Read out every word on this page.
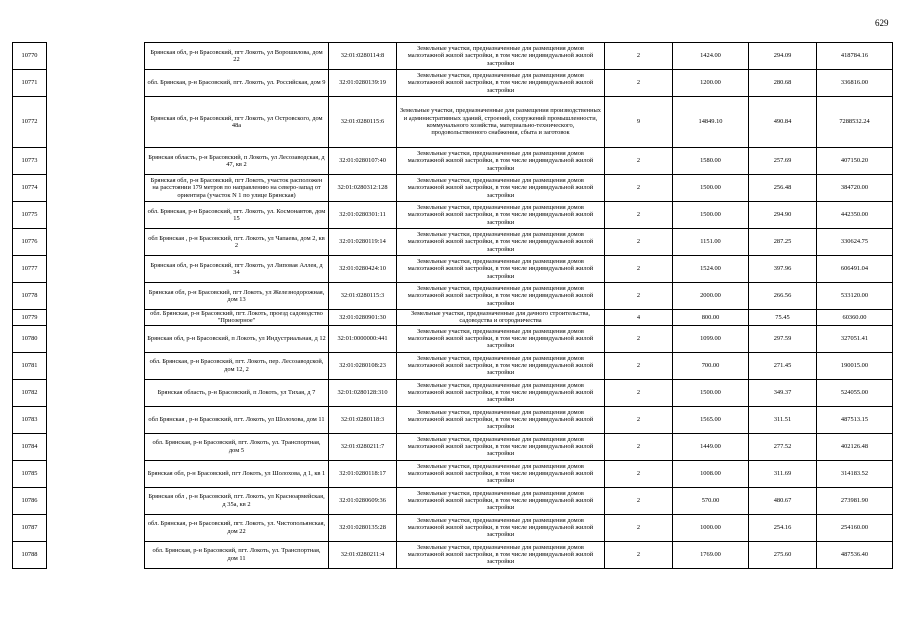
629
10770		Брянская обл, р-н Брасовский, пгт Локоть, ул Ворошилова, дом 22	32:01:0280114:8	Земельные участки, предназначенные для размещения домов малоэтажной жилой застройки, в том числе индивидуальной жилой застройки	2	1424.00	294.09	418784.16
10771		обл. Брянская, р-н Брасовский, пгт. Локоть, ул. Российская, дом 9	32:01:0280139:19	Земельные участки, предназначенные для размещения домов малоэтажной жилой застройки, в том числе индивидуальной жилой застройки	2	1200.00	280.68	336816.00
10772		Брянская обл, р-н Брасовский, пгт Локоть, ул Островского, дом 48а	32:01:0280115:6	Земельные участки, предназначенные для размещения производственных и административных зданий, строений, сооружений промышленности, коммунального хозяйства, материально-технического, продовольственного снабжения, сбыта и заготовок	9	14849.10	490.84	7288532.24
10773		Брянская область, р-н Брасовский, п Локоть, ул Лесозаводская, д 47, кв 2	32:01:0280107:40	Земельные участки, предназначенные для размещения домов малоэтажной жилой застройки, в том числе индивидуальной жилой застройки	2	1580.00	257.69	407150.20
10774		Брянская обл, р-н Брасовский, пгт Локоть, участок расположен на расстоянии 179 метров по направлению на северо-запад от ориентира (участок N 1 по улице Брянская)	32:01:0280312:128	Земельные участки, предназначенные для размещения домов малоэтажной жилой застройки, в том числе индивидуальной жилой застройки	2	1500.00	256.48	384720.00
10775		обл. Брянская, р-н Брасовский, пгт. Локоть, ул. Космонавтов, дом 15	32:01:0280301:11	Земельные участки, предназначенные для размещения домов малоэтажной жилой застройки, в том числе индивидуальной жилой застройки	2	1500.00	294.90	442350.00
10776		обл Брянская , р-н Брасовский, пгт. Локоть, ул Чапаева, дом 2, кв 2	32:01:0280119:14	Земельные участки, предназначенные для размещения домов малоэтажной жилой застройки, в том числе индивидуальной жилой застройки	2	1151.00	287.25	330624.75
10777		Брянская обл, р-н Брасовский, пгт Локоть, ул Липовая Аллея, д 34	32:01:0280424:10	Земельные участки, предназначенные для размещения домов малоэтажной жилой застройки, в том числе индивидуальной жилой застройки	2	1524.00	397.96	606491.04
10778		Брянская обл, р-н Брасовский, пгт Локоть, ул Железнодорожная, дом 13	32:01:0280115:3	Земельные участки, предназначенные для размещения домов малоэтажной жилой застройки, в том числе индивидуальной жилой застройки	2	2000.00	266.56	533120.00
10779		обл. Брянская, р-н Брасовский, пгт. Локоть, проезд садоводство "Приозерное"	32:01:0280901:30	Земельные участки, предназначенные для дачного строительства, садоводства и огородничества	4	800.00	75.45	60360.00
10780		Брянская обл, р-н Брасовский, п Локоть, ул Индустриальная, д 12	32:01:0000000:441	Земельные участки, предназначенные для размещения домов малоэтажной жилой застройки, в том числе индивидуальной жилой застройки	2	1099.00	297.59	327051.41
10781		обл. Брянская, р-н Брасовский, пгт. Локоть, пер. Лесозаводской, дом 12, 2	32:01:0280108:23	Земельные участки, предназначенные для размещения домов малоэтажной жилой застройки, в том числе индивидуальной жилой застройки	2	700.00	271.45	190015.00
10782		Брянская область, р-н Брасовский, п Локоть, ул Тихая, д 7	32:01:0280128:310	Земельные участки, предназначенные для размещения домов малоэтажной жилой застройки, в том числе индивидуальной жилой застройки	2	1500.00	349.37	524055.00
10783		обл Брянская , р-н Брасовский, пгт. Локоть, ул Шолохова, дом 11	32:01:0280118:3	Земельные участки, предназначенные для размещения домов малоэтажной жилой застройки, в том числе индивидуальной жилой застройки	2	1565.00	311.51	487513.15
10784		обл. Брянская, р-н Брасовский, пгт. Локоть, ул. Транспортная, дом 5	32:01:0280211:7	Земельные участки, предназначенные для размещения домов малоэтажной жилой застройки, в том числе индивидуальной жилой застройки	2	1449.00	277.52	402126.48
10785		Брянская обл, р-н Брасовский, пгт Локоть, ул Шолохова, д 1, кв 1	32:01:0280118:17	Земельные участки, предназначенные для размещения домов малоэтажной жилой застройки, в том числе индивидуальной жилой застройки	2	1008.00	311.69	314183.52
10786		Брянская обл , р-н Брасовский, пгт. Локоть, ул Красноармейская, д 35а, кв 2	32:01:0280609:36	Земельные участки, предназначенные для размещения домов малоэтажной жилой застройки, в том числе индивидуальной жилой застройки	2	570.00	480.67	273981.90
10787		обл. Брянская, р-н Брасовский, пгт. Локоть, ул. Чистопольянская, дом 22	32:01:0280135:28	Земельные участки, предназначенные для размещения домов малоэтажной жилой застройки, в том числе индивидуальной жилой застройки	2	1000.00	254.16	254160.00
10788		обл. Брянская, р-н Брасовский, пгт. Локоть, ул. Транспортная, дом 11	32:01:0280211:4	Земельные участки, предназначенные для размещения домов малоэтажной жилой застройки, в том числе индивидуальной жилой застройки	2	1769.00	275.60	487536.40
